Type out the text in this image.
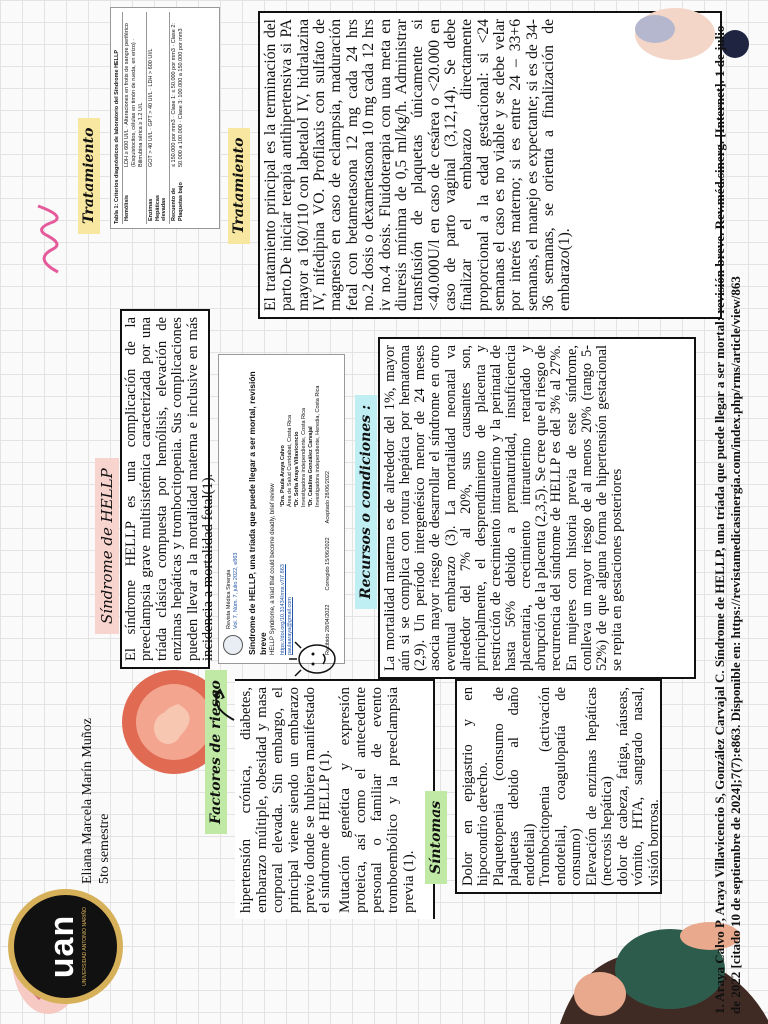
uan UNIVERSIDAD ANTONIO NARIÑO
Eliana Marcela Marín Muñoz 5to semestre
Síndrome de HELLP El síndrome HELLP es una complicación de la preeclampsia grave multisistémica caracterizada por una tríada clásica compuesta por hemólisis, elevación de enzimas hepáticas y trombocitopenia. Sus complicaciones pueden llevar a la mortalidad materna e inclusive en más incidencia a mortalidad fetal(1). Revista Médica Sinergia Vol. 7, Núm. 7, julio 2022, e863 Síndrome de HELLP, una tríada que puede llegar a ser mortal, revisión breve HELLP Syndrome, a triad that could become deadly, brief review https://doi.org/10.31434/rms.v7i7.863 paulaaraya@gmail.com
¹Dra. Paula Araya Calvo Área de Salud Curridabat, Costa Rica ²Dr. Sofía Araya Villavicencio Investigadora independiente, Costa Rica ³Dr. Catalina González Carvajal Investigadora independiente, Heredia, Costa Rica
Recibido 28/04/2022
Corregido 15/06/2022
Aceptado 28/06/2022
Tratamiento	Tabla 1: Criterios diagnósticos de laboratorio del Síndrome HELLP Hemólisis	LDH ≥ 600 UI/L · Alteraciones en frotis de sangre periférico (Esquistocitos, células en timón de rueda, en erizo) · Bilirrubina sérica ≥ 1.2 U/L
Enzimas Hepáticas elevadas	GOT > 40 UI/L · GPT > 40 UI/L · LDH > 600 UI/L
Recuento de Plaquetas bajo	≤ 150.000 por mm3 · Clase 1: ≤ 50.000 por mm3 · Clase 2: 50.000 a 100.000 · Clase 3: 100.000 a 150.000 por mm3
Factores de riesgo hipertensión crónica, diabetes, embarazo múltiple, obesidad y masa corporal elevada. Sin embargo, el principal viene siendo un embarazo previo donde se hubiera manifestado el síndrome de HELLP (1). Mutación genética y expresión proteica, así como el antecedente personal o familiar de evento tromboembólico y la preeclampsia previa (1).

Recursos o condiciones : La mortalidad materna es de alrededor del 1%, mayor aún si se complica con rotura hepática por hematoma (2,9). Un período intergenésico menor de 24 meses asocia mayor riesgo de desarrollar el síndrome en otro eventual embarazo (3). La mortalidad neonatal va alrededor del 7% al 20%, sus causantes son, principalmente, el desprendimiento de placenta y restricción de crecimiento intrauterino y la perinatal de hasta 56% debido a prematuridad, insuficiencia placentaria, crecimiento intrauterino retardado y abrupción de la placenta (2,3,5). Se cree que el riesgo de recurrencia del síndrome de HELLP es del 3% al 27%. En mujeres con historia previa de este síndrome, conlleva un mayor riesgo de al menos 20% (rango 5-52%) de que alguna forma de hipertensión gestacional se repita en gestaciones posteriores

Síntomas Dolor en epigastrio y en hipocondrio derecho. Plaquetopenia (consumo de plaquetas debido al daño endotelial) Trombocitopenia (activación endotelial, coagulopatía de consumo) Elevación de enzimas hepáticas (necrosis hepática) dolor de cabeza, fatiga, náuseas, vómito, HTA, sangrado nasal, visión borrosa.
Tratamiento El tratamiento principal es la terminación del parto.De iniciar terapia antihipertensiva si PA mayor a 160/110 con labetalol IV, hidralazina IV, nifedipina VO. Profilaxis con sulfato de magnesio en caso de eclampsia, maduración fetal con betametasona 12 mg cada 24 hrs no.2 dosis o dexametasona 10 mg cada 12 hrs iv no.4 dosis. Fluidoterapia con una meta en diuresis mínima de 0,5 ml/kg/h. Administrar transfusión de plaquetas únicamente si <40.000U/l en caso de cesárea o <20.000 en caso de parto vaginal (3,12,14). Se debe finalizar el embarazo directamente proporcional a la edad gestacional: si <24 semanas el caso es no viable y se debe velar por interés materno; si es entre 24 – 33+6 semanas, el manejo es expectante; si es de 34-36 semanas, se orienta a finalización de embarazo(1).	1. Araya Calvo P, Araya Villavicencio S, González Carvajal C. Síndrome de HELLP, una tríada que puede llegar a ser mortal: revisión breve. Rev.méd.sinerg. [Internet]. 1 de julio de 2022 [citado 10 de septiembre de 2024];7(7):e863. Disponible en: https://revistamedicasinergia.com/index.php/rms/article/view/863
